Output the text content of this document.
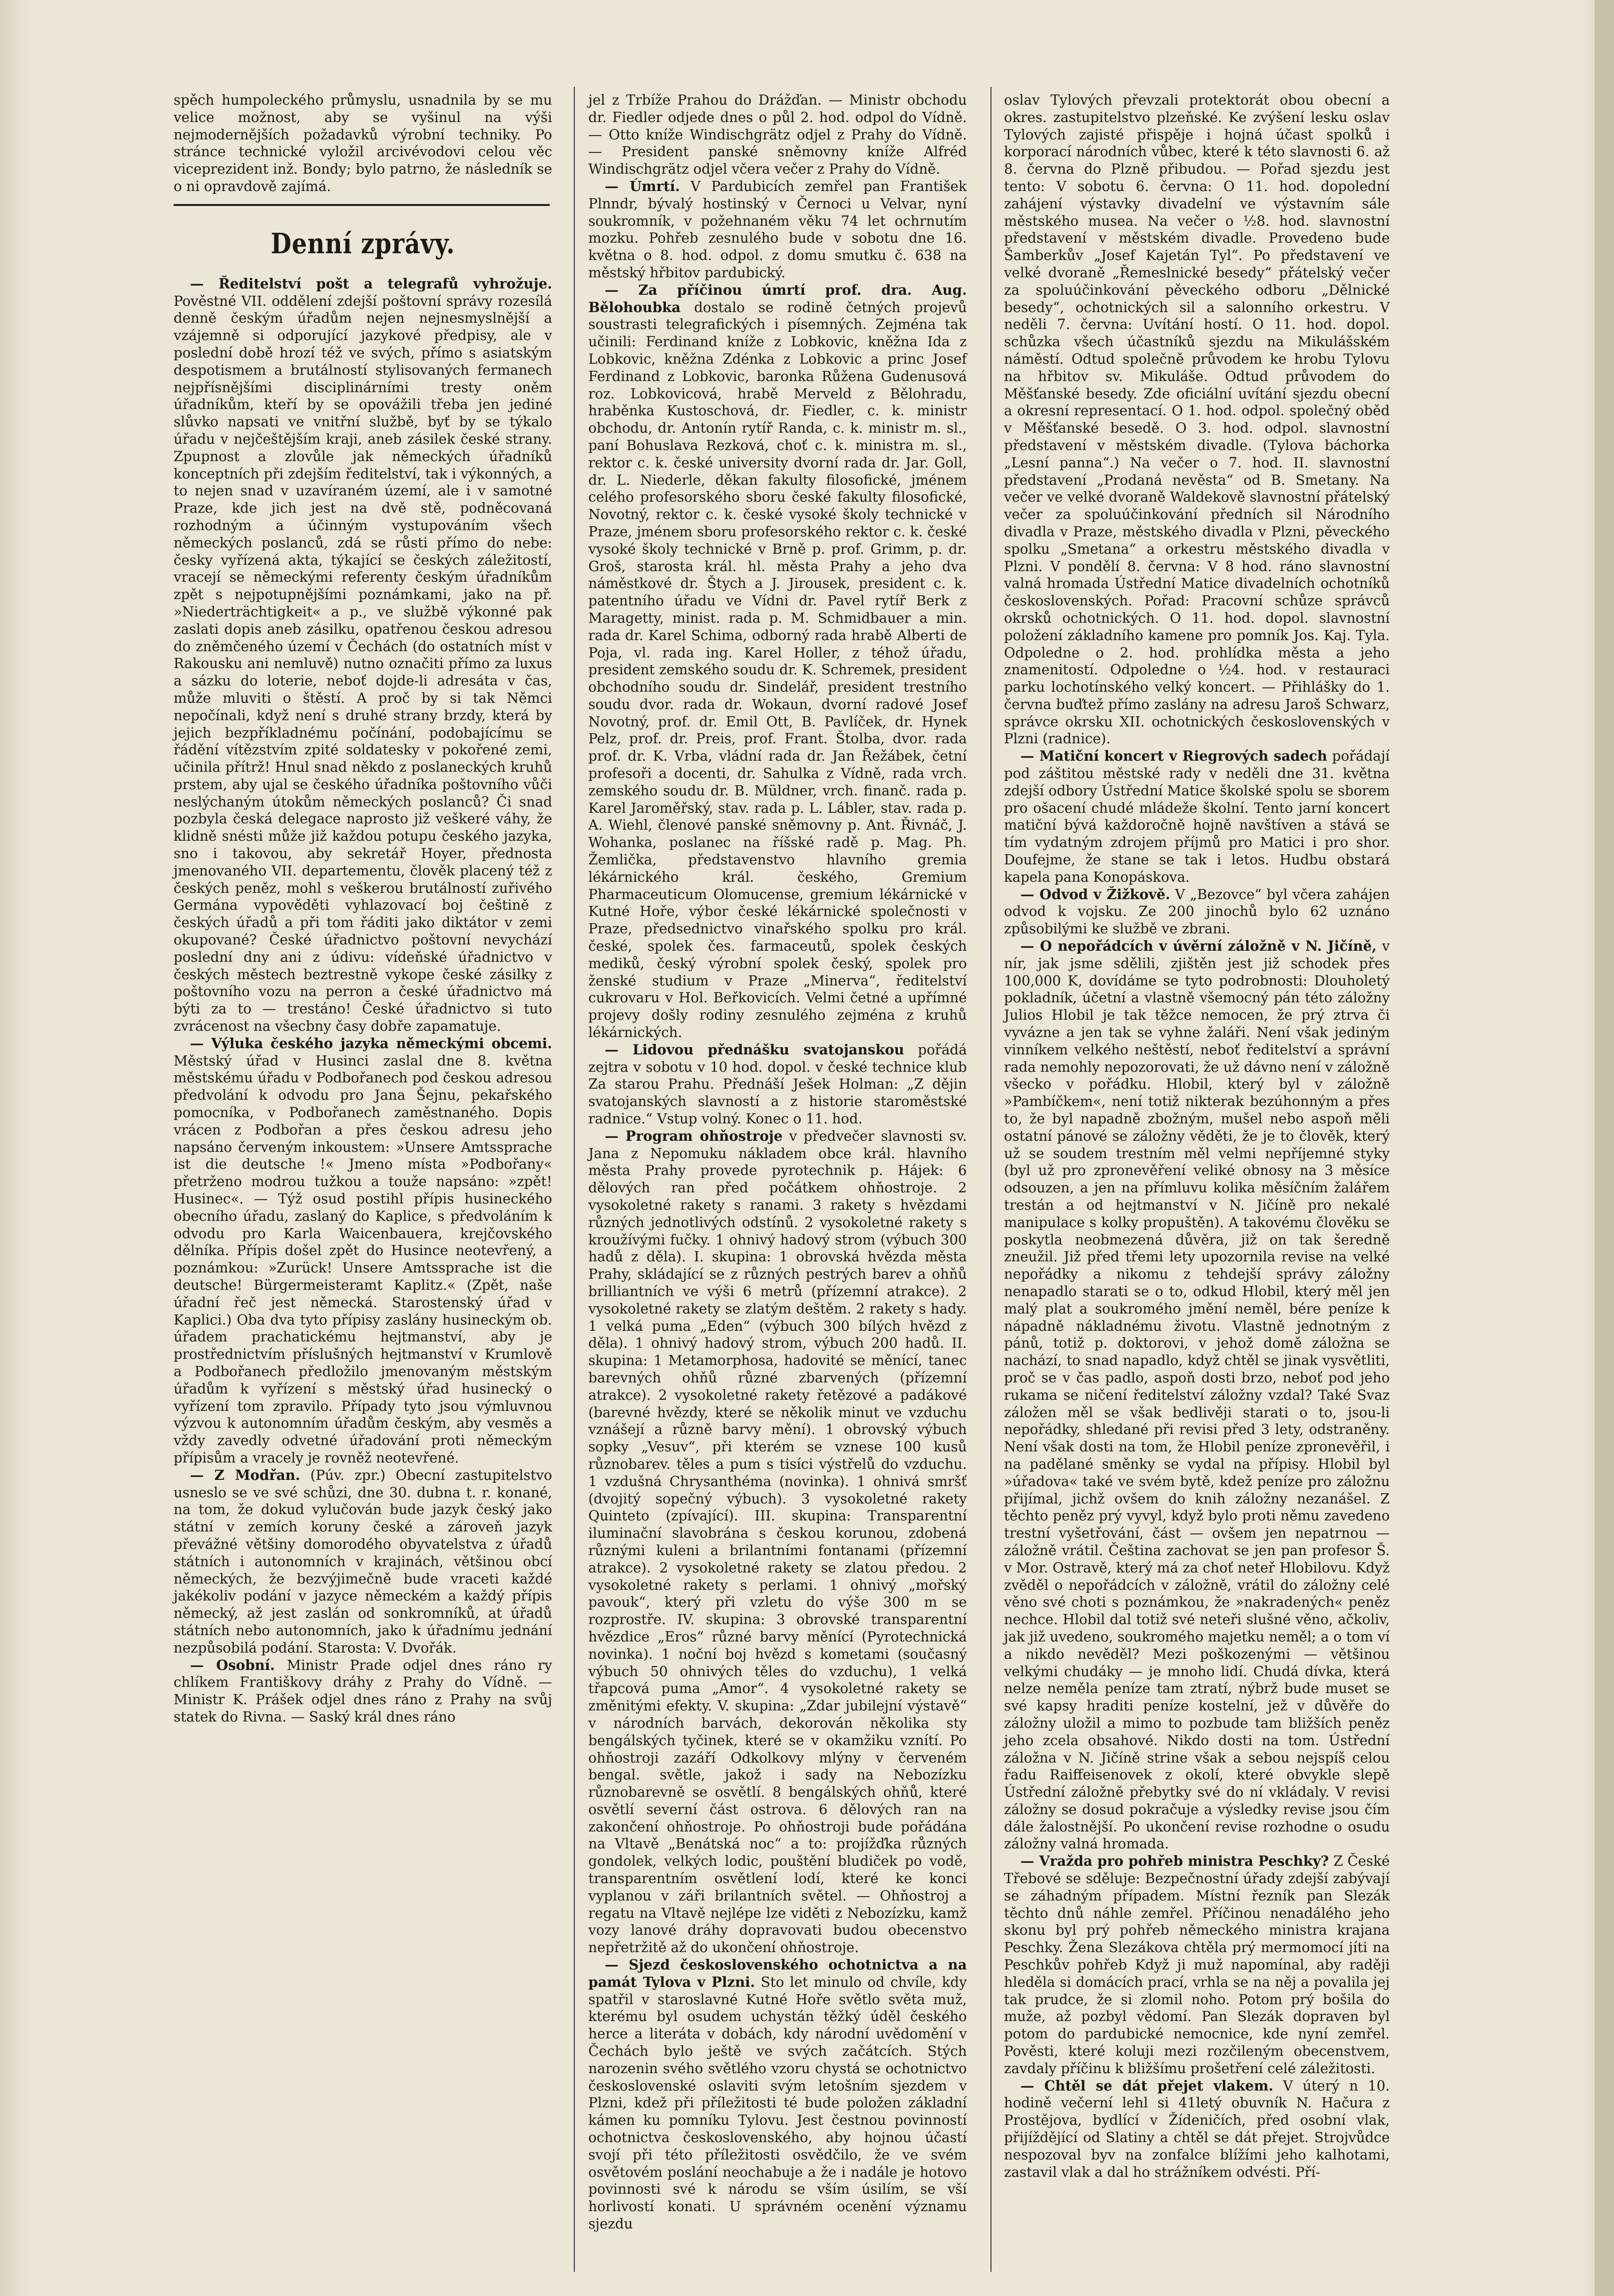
spěch humpoleckého průmyslu, usnadnila by se mu velice možnost, aby se vyšinul na výši nejmodernějších požadavků výrobní techniky. Po stránce technické vyložil arcivévodovi celou věc viceprezident inž. Bondy; bylo patrno, že následník se o ni opravdově zajímá.

Denní zprávy.

— Ředitelství pošt a telegrafů vyhrožuje. Pověstné VII. oddělení zdejší poštovní správy rozesílá denně českým úřadům nejen nejnesmyslnější a vzájemně si odporující jazykové předpisy, ale v poslední době hrozí též ve svých, přímo s asiatským despotismem a brutálností stylisovaných fermanech nejpřísnějšími disciplinárními tresty oněm úřadníkům, kteří by se opovážili třeba jen jediné slůvko napsati ve vnitřní službě, byť by se týkalo úřadu v nejčeštějším kraji, aneb zásilek české strany. Zpupnost a zlovůle jak německých úřadníků konceptních při zdejším ředitelství, tak i výkonných, a to nejen snad v uzavíraném území, ale i v samotné Praze, kde jich jest na dvě stě, podněcovaná rozhodným a účinným vystupováním všech německých poslanců, zdá se růsti přímo do nebe: česky vyřízená akta, týkající se českých záležitostí, vracejí se německými referenty českým úřadníkům zpět s nejpotupnějšími poznámkami, jako na př. »Niederträchtigkeit« a p., ve službě výkonné pak zaslati dopis aneb zásilku, opatřenou českou adresou do zněmčeného území v Čechách (do ostatních míst v Rakousku ani nemluvě) nutno označiti přímo za luxus a sázku do loterie, neboť dojde-li adresáta v čas, může mluviti o štěstí. A proč by si tak Němci nepočínali, když není s druhé strany brzdy, která by jejich bezpříkladnému počínání, podobajícímu se řádění vítězstvím zpité soldatesky v pokořené zemi, učinila přítrž! Hnul snad někdo z poslaneckých kruhů prstem, aby ujal se českého úřadníka poštovního vůči neslýchaným útokům německých poslanců? Či snad pozbyla česká delegace naprosto již veškeré váhy, že klidně snésti může již každou potupu českého jazyka, sno i takovou, aby sekretář Hoyer, přednosta jmenovaného VII. departementu, člověk placený též z českých peněz, mohl s veškerou brutálností zuřivého Germána vypověděti vyhlazovací boj češtině z českých úřadů a při tom řáditi jako diktátor v zemi okupované? České úřadnictvo poštovní nevychází poslední dny ani z údivu: vídeňské úřadnictvo v českých městech beztrestně vykope české zásilky z poštovního vozu na perron a české úřadnictvo má býti za to — trestáno! České úřadnictvo si tuto zvrácenost na všecbny časy dobře zapamatuje.

— Výluka českého jazyka německými obcemi. Městský úřad v Husinci zaslal dne 8. května městskému úřadu v Podbořanech pod českou adresou předvolání k odvodu pro Jana Šejnu, pekařského pomocníka, v Podbořanech zaměstnaného. Dopis vrácen z Podbořan a přes českou adresu jeho napsáno červeným inkoustem: »Unsere Amtssprache ist die deutsche !« Jmeno místa »Podbořany« přetrženo modrou tužkou a touže napsáno: »zpět! Husinec«. — Týž osud postihl přípis husineckého obecního úřadu, zaslaný do Kaplice, s předvoláním k odvodu pro Karla Waicenbauera, krejčovského dělníka. Přípis došel zpět do Husince neotevřený, a poznámkou: »Zurück! Unsere Amtssprache ist die deutsche! Bürgermeisteramt Kaplitz.« (Zpět, naše úřadní řeč jest německá. Starostenský úřad v Kaplici.) Oba dva tyto přípisy zaslány husineckým ob. úřadem prachatickému hejtmanství, aby je prostřednictvím příslušných hejtmanství v Krumlově a Podbořanech předložilo jmenovaným městským úřadům k vyřízení s městský úřad husinecký o vyřízení tom zpravilo. Případy tyto jsou výmluvnou výzvou k autonomním úřadům českým, aby vesměs a vždy zavedly odvetné úřadování proti německým přípisům a vracely je rovněž neotevřené.

— Z Modřan. (Púv. zpr.) Obecní zastupitelstvo usneslo se ve své schůzi, dne 30. dubna t. r. konané, na tom, že dokud vylučován bude jazyk český jako státní v zemích koruny české a zároveň jazyk převážné většiny domorodého obyvatelstva z úřadů státních i autonomních v krajinách, většinou obcí německých, že bezvýjimečně bude vraceti každé jakékoliv podání v jazyce německém a každý přípis německý, až jest zaslán od sonkromníků, at úřadů státních nebo autonomních, jako k úřadnímu jednání nezpůsobilá podání. Starosta: V. Dvořák.

— Osobní. Ministr Prade odjel dnes ráno ry chlíkem Františkovy dráhy z Prahy do Vídně. — Ministr K. Prášek odjel dnes ráno z Prahy na svůj statek do Rivna. — Saský král dnes ráno

jel z Trbíže Prahou do Drážďan. — Ministr obchodu dr. Fiedler odjede dnes o půl 2. hod. odpol do Vídně. — Otto kníže Windischgrätz odjel z Prahy do Vídně. — President panské sněmovny kníže Alfréd Windischgrätz odjel včera večer z Prahy do Vídně.

— Úmrtí. V Pardubicích zemřel pan František Plnndr, bývalý hostinský v Černoci u Velvar, nyní soukromník, v požehnaném věku 74 let ochrnutím mozku. Pohřeb zesnulého bude v sobotu dne 16. května o 8. hod. odpol. z domu smutku č. 638 na městský hřbitov pardubický.

— Za příčinou úmrtí prof. dra. Aug. Bělohoubka dostalo se rodině četných projevů soustrasti telegrafických i písemných. Zejména tak učinili: Ferdinand kníže z Lobkovic, kněžna Ida z Lobkovic, kněžna Zdénka z Lobkovic a princ Josef Ferdinand z Lobkovic, baronka Růžena Gudenusová roz. Lobkovicová, hrabě Merveld z Bělohradu, hraběnka Kustoschová, dr. Fiedler, c. k. ministr obchodu, dr. Antonín rytíř Randa, c. k. ministr m. sl., paní Bohuslava Rezková, choť c. k. ministra m. sl., rektor c. k. české university dvorní rada dr. Jar. Goll, dr. L. Niederle, děkan fakulty filosofické, jménem celého profesorského sboru české fakulty filosofické, Novotný, rektor c. k. české vysoké školy technické v Praze, jménem sboru profesorského rektor c. k. české vysoké školy technické v Brně p. prof. Grimm, p. dr. Groš, starosta král. hl. města Prahy a jeho dva náměstkové dr. Štych a J. Jirousek, president c. k. patentního úřadu ve Vídni dr. Pavel rytíř Berk z Maragetty, minist. rada p. M. Schmidbauer a min. rada dr. Karel Schima, odborný rada hrabě Alberti de Poja, vl. rada ing. Karel Holler, z téhož úřadu, president zemského soudu dr. K. Schremek, president obchodního soudu dr. Sindelář, president trestního soudu dvor. rada dr. Wokaun, dvorní radové Josef Novotný, prof. dr. Emil Ott, B. Pavlíček, dr. Hynek Pelz, prof. dr. Preis, prof. Frant. Štolba, dvor. rada prof. dr. K. Vrba, vládní rada dr. Jan Řežábek, četní profesoři a docenti, dr. Sahulka z Vídně, rada vrch. zemského soudu dr. B. Müldner, vrch. finanč. rada p. Karel Jaroměřský, stav. rada p. L. Lábler, stav. rada p. A. Wiehl, členové panské sněmovny p. Ant. Řivnáč, J. Wohanka, poslanec na říšské radě p. Mag. Ph. Žemlička, představenstvo hlavního gremia lékárnického král. českého, Gremium Pharmaceuticum Olomucense, gremium lékárnické v Kutné Hoře, výbor české lékárnické společnosti v Praze, předsednictvo vinařského spolku pro král. české, spolek čes. farmaceutů, spolek českých mediků, český výrobní spolek český, spolek pro ženské studium v Praze „Minerva“, ředitelství cukrovaru v Hol. Beřkovicích. Velmi četné a upřímné projevy došly rodiny zesnulého zejména z kruhů lékárnických.

— Lidovou přednášku svatojanskou pořádá zejtra v sobotu v 10 hod. dopol. v české technice klub Za starou Prahu. Přednáší Ješek Holman: „Z dějin svatojanských slavností a z historie staroměstské radnice.“ Vstup volný. Konec o 11. hod.

— Program ohňostroje v předvečer slavnosti sv. Jana z Nepomuku nákladem obce král. hlavního města Prahy provede pyrotechnik p. Hájek: 6 dělových ran před počátkem ohňostroje. 2 vysokoletné rakety s ranami. 3 rakety s hvězdami různých jednotlivých odstínů. 2 vysokoletné rakety s kroužívými fučky. 1 ohnivý hadový strom (výbuch 300 hadů z děla). I. skupina: 1 obrovská hvězda města Prahy, skládající se z různých pestrých barev a ohňů brilliantních ve výši 6 metrů (přízemní atrakce). 2 vysokoletné rakety se zlatým deštěm. 2 rakety s hady. 1 velká puma „Eden“ (výbuch 300 bílých hvězd z děla). 1 ohnivý hadový strom, výbuch 200 hadů. II. skupina: 1 Metamorphosa, hadovité se měnící, tanec barevných ohňů různé zbarvených (přízemní atrakce). 2 vysokoletné rakety řetězové a padákové (barevné hvězdy, které se několik minut ve vzduchu vznášejí a různě barvy mění). 1 obrovský výbuch sopky „Vesuv“, při kterém se vznese 100 kusů různobarev. těles a pum s tisíci výstřelů do vzduchu. 1 vzdušná Chrysanthéma (novinka). 1 ohnivá smršť (dvojitý sopečný výbuch). 3 vysokoletné rakety Quinteto (zpívající). III. skupina: Transparentní iluminační slavobrána s českou korunou, zdobená různými kuleni a brilantními fontanami (přízemní atrakce). 2 vysokoletné rakety se zlatou předou. 2 vysokoletné rakety s perlami. 1 ohnivý „mořský pavouk“, který při vzletu do výše 300 m se rozprostře. IV. skupina: 3 obrovské transparentní hvězdice „Eros“ různé barvy měnící (Pyrotechnická novinka). 1 noční boj hvězd s kometami (současný výbuch 50 ohnivých těles do vzduchu), 1 velká třapcová puma „Amor“. 4 vysokoletné rakety se změnitými efekty. V. skupina: „Zdar jubilejní výstavě“ v národních barvách, dekorován několika sty bengálských tyčinek, které se v okamžiku vznítí. Po ohňostroji zazáří Odkolkovy mlýny v červeném bengal. světle, jakož i sady na Nebozízku různobarevně se osvětlí. 8 bengálských ohňů, které osvětlí severní část ostrova. 6 dělových ran na zakončení ohňostroje. Po ohňostroji bude pořádána na Vltavě „Benátská noc“ a to: projížďka různých gondolek, velkých lodic, pouštění bludiček po vodě, transparentním osvětlení lodí, které ke konci vyplanou v záři brilantních světel. — Ohňostroj a regatu na Vltavě nejlépe lze viděti z Nebozízku, kamž vozy lanové dráhy dopravovati budou obecenstvo nepřetržitě až do ukončení ohňostroje.

— Sjezd československého ochotnictva a na památ Tylova v Plzni. Sto let minulo od chvíle, kdy spatřil v staroslavné Kutné Hoře světlo světa muž, kterému byl osudem uchystán těžký úděl českého herce a literáta v dobách, kdy národní uvědomění v Čechách bylo ještě ve svých začátcích. Stých narozenin svého světlého vzoru chystá se ochotnictvo československé oslaviti svým letošním sjezdem v Plzni, kdež při příležitosti té bude položen základní kámen ku pomníku Tylovu. Jest čestnou povinností ochotnictva československého, aby hojnou účastí svojí při této příležitosti osvědčilo, že ve svém osvětovém poslání neochabuje a že i nadále je hotovo povinnosti své k národu se vším úsilím, se vší horlivostí konati. U správném ocenění významu sjezdu

oslav Tylových převzali protektorát obou obecní a okres. zastupitelstvo plzeňské. Ke zvýšení lesku oslav Tylových zajisté přispěje i hojná účast spolků i korporací národních vůbec, které k této slavnosti 6. až 8. června do Plzně přibudou. — Pořad sjezdu jest tento: V sobotu 6. června: O 11. hod. dopolední zahájení výstavky divadelní ve výstavním sále městského musea. Na večer o ½8. hod. slavnostní představení v městském divadle. Provedeno bude Šamberkův „Josef Kajetán Tyl“. Po představení ve velké dvoraně „Řemeslnické besedy“ přátelský večer za spoluúčinkování pěveckého odboru „Dělnické besedy“, ochotnických sil a salonního orkestru. V neděli 7. června: Uvítání hostí. O 11. hod. dopol. schůzka všech účastníků sjezdu na Mikulášském náměstí. Odtud společně průvodem ke hrobu Tylovu na hřbitov sv. Mikuláše. Odtud průvodem do Měšťanské besedy. Zde oficiální uvítání sjezdu obecní a okresní representací. O 1. hod. odpol. společný oběd v Měšťanské besedě. O 3. hod. odpol. slavnostní představení v městském divadle. (Tylova báchorka „Lesní panna“.) Na večer o 7. hod. II. slavnostní představení „Prodaná nevěsta“ od B. Smetany. Na večer ve velké dvoraně Waldekově slavnostní přátelský večer za spoluúčinkování předních sil Národního divadla v Praze, městského divadla v Plzni, pěveckého spolku „Smetana“ a orkestru městského divadla v Plzni. V pondělí 8. června: V 8 hod. ráno slavnostní valná hromada Ústřední Matice divadelních ochotníků československých. Pořad: Pracovní schůze správců okrsků ochotnických. O 11. hod. dopol. slavnostní položení základního kamene pro pomník Jos. Kaj. Tyla. Odpoledne o 2. hod. prohlídka města a jeho znamenitostí. Odpoledne o ½4. hod. v restauraci parku lochotínského velký koncert. — Přihlášky do 1. června buďtež přímo zaslány na adresu Jaroš Schwarz, správce okrsku XII. ochotnických československých v Plzni (radnice).

— Matiční koncert v Riegrových sadech pořádají pod záštitou městské rady v neděli dne 31. května zdejší odbory Ústřední Matice školské spolu se sborem pro ošacení chudé mládeže školní. Tento jarní koncert matiční bývá každoročně hojně navštíven a stává se tím vydatným zdrojem příjmů pro Matici i pro shor. Doufejme, že stane se tak i letos. Hudbu obstará kapela pana Konopáskova.

— Odvod v Žižkově. V „Bezovce“ byl včera zahájen odvod k vojsku. Ze 200 jinochů bylo 62 uznáno způsobilými ke službě ve zbrani.

— O nepořádcích v úvěrní záložně v N. Jičíně, v nír, jak jsme sdělili, zjištěn jest již schodek přes 100,000 K, dovídáme se tyto podrobnosti: Dlouholetý pokladník, účetní a vlastně všemocný pán této záložny Julios Hlobil je tak těžce nemocen, že prý ztrva či vyvázne a jen tak se vyhne žaláři. Není však jediným vinníkem velkého neštěstí, neboť ředitelství a správní rada nemohly nepozorovati, že už dávno není v záložně všecko v pořádku. Hlobil, který byl v záložně »Pambíčkem«, není totiž nikterak bezúhonným a přes to, že byl napadně zbožným, mušel nebo aspoň měli ostatní pánové se záložny věděti, že je to člověk, který už se soudem trestním měl velmi nepříjemné styky (byl už pro zpronevěření veliké obnosy na 3 měsíce odsouzen, a jen na přímluvu kolika měsíčním žalářem trestán a od hejtmanství v N. Jičíně pro nekalé manipulace s kolky propuštěn). A takovému člověku se poskytla neobmezená důvěra, již on tak šeredně zneužil. Již před třemi lety upozornila revise na velké nepořádky a nikomu z tehdejší správy záložny nenapadlo starati se o to, odkud Hlobil, který měl jen malý plat a soukromého jmění neměl, bére peníze k nápadně nákladnému životu. Vlastně jednotným z pánů, totiž p. doktorovi, v jehož domě záložna se nachází, to snad napadlo, když chtěl se jinak vysvětliti, proč se v čas padlo, aspoň dosti brzo, neboť pod jeho rukama se ničení ředitelství záložny vzdal? Také Svaz záložen měl se však bedlivěji starati o to, jsou-li nepořádky, shledané při revisi před 3 lety, odstraněny. Není však dosti na tom, že Hlobil peníze zpronevěřil, i na padělané směnky se vydal na přípisy. Hlobil byl »úřadova« také ve svém bytě, kdež peníze pro záložnu přijímal, jichž ovšem do knih záložny nezanášel. Z těchto peněz prý vyvyl, když bylo proti němu zavedeno trestní vyšetřování, část — ovšem jen nepatrnou — záložně vrátil. Čeština zachovat se jen pan profesor Š. v Mor. Ostravě, který má za choť neteř Hlobilovu. Když zvěděl o nepořádcích v záložně, vrátil do záložny celé věno své choti s poznámkou, že »nakradených« peněz nechce. Hlobil dal totiž své neteři slušné věno, ačkoliv, jak již uvedeno, soukromého majetku neměl; a o tom ví a nikdo nevěděl? Mezi poškozenými — většinou velkými chudáky — je mnoho lidí. Chudá dívka, která nelze neměla peníze tam ztratí, nýbrž bude muset se své kapsy hraditi peníze kostelní, jež v důvěře do záložny uložil a mimo to pozbude tam bližších peněz jeho zcela obsahové. Nikdo dosti na tom. Ústřední záložna v N. Jičíně strine však a sebou nejspíš celou řadu Raiffeisenovek z okolí, které obvykle slepě Ústřední záložně přebytky své do ní vkládaly. V revisi záložny se dosud pokračuje a výsledky revise jsou čím dále žalostnější. Po ukončení revise rozhodne o osudu záložny valná hromada.

— Vražda pro pohřeb ministra Peschky? Z České Třebové se sděluje: Bezpečnostní úřady zdejší zabývají se záhadným případem. Místní řezník pan Slezák těchto dnů náhle zemřel. Příčinou nenadálého jeho skonu byl prý pohřeb německého ministra krajana Peschky. Žena Slezákova chtěla prý mermomocí jíti na Peschkův pohřeb Když ji muž napomínal, aby raději hleděla si domácích prací, vrhla se na něj a povalila jej tak prudce, že si zlomil noho. Potom prý bošila do muže, až pozbyl vědomí. Pan Slezák dopraven byl potom do pardubické nemocnice, kde nyní zemřel. Pověsti, které koluji mezi rozčileným obecenstvem, zavdaly příčinu k bližšímu prošetření celé záležitosti.

— Chtěl se dát přejet vlakem. V úterý n 10. hodině večerní lehl si 41letý obuvník N. Hačura z Prostějova, bydlící v Žídeničích, před osobní vlak, přijíždějící od Slatiny a chtěl se dát přejet. Strojvůdce nespozoval byv na zonfalce blížími jeho kalhotami, zastavil vlak a dal ho strážníkem odvésti. Pří-
